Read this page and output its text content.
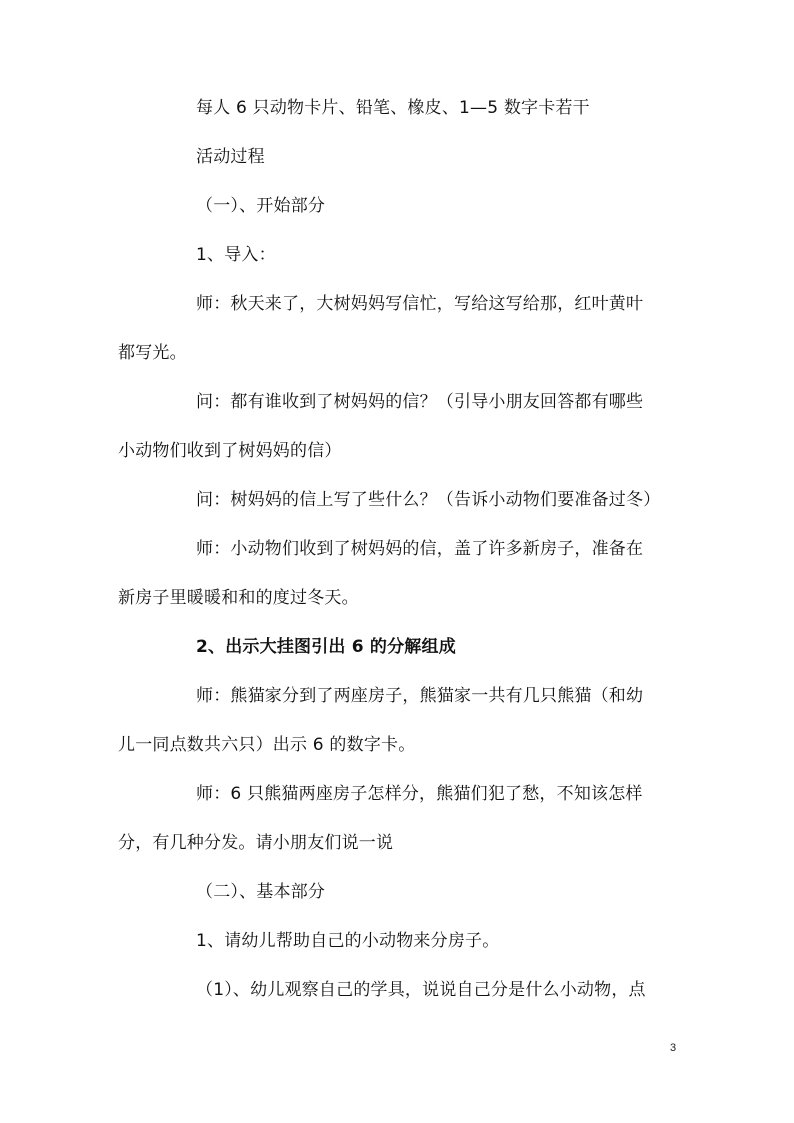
每人 6 只动物卡片、铅笔、橡皮、1—5 数字卡若干
活动过程
（一）、开始部分
1、导入：
师：秋天来了，大树妈妈写信忙，写给这写给那，红叶黄叶
都写光。
问：都有谁收到了树妈妈的信？（引导小朋友回答都有哪些
小动物们收到了树妈妈的信）
问：树妈妈的信上写了些什么？（告诉小动物们要准备过冬）
师：小动物们收到了树妈妈的信，盖了许多新房子，准备在
新房子里暖暖和和的度过冬天。
2、出示大挂图引出 6 的分解组成
师：熊猫家分到了两座房子，熊猫家一共有几只熊猫（和幼
儿一同点数共六只）出示 6 的数字卡。
师：6 只熊猫两座房子怎样分，熊猫们犯了愁，不知该怎样
分，有几种分发。请小朋友们说一说
（二）、基本部分
1、请幼儿帮助自己的小动物来分房子。
（1）、幼儿观察自己的学具，说说自己分是什么小动物，点
3
